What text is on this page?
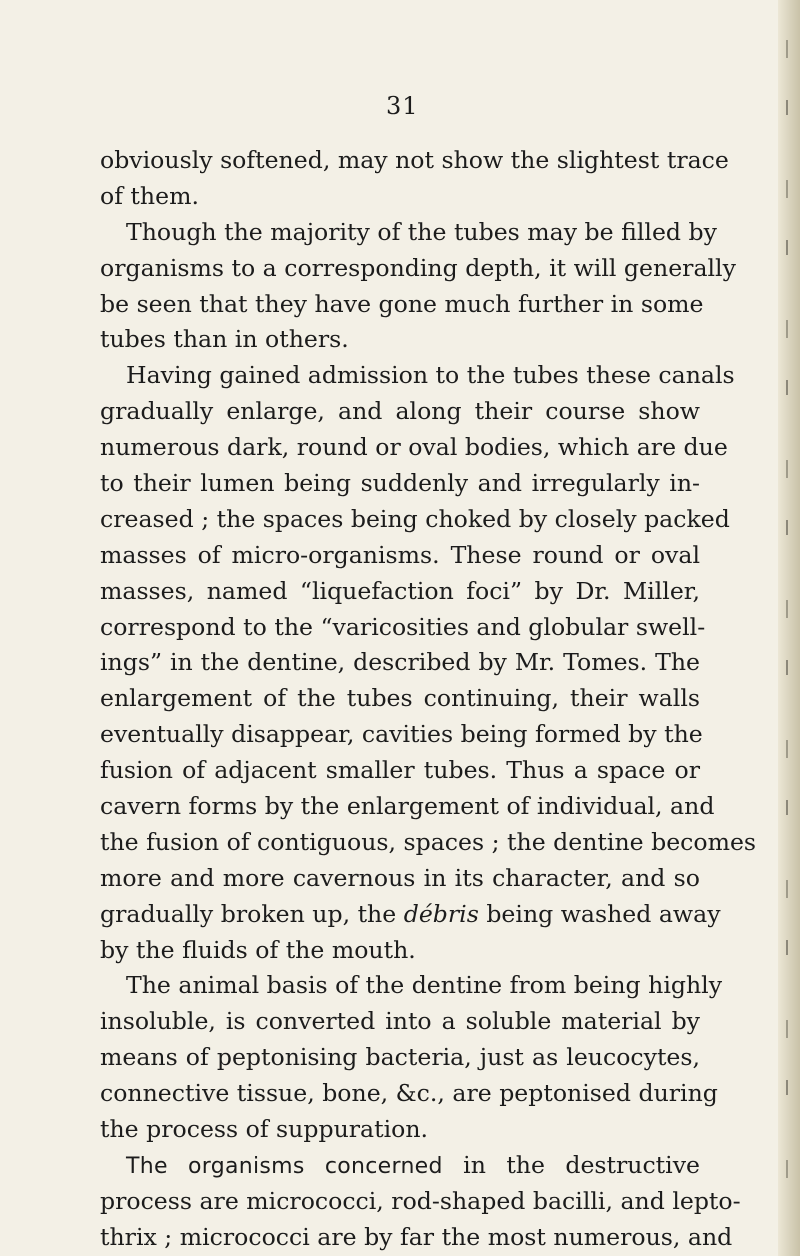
31
obviously softened, may not show the slightest trace
of them.
Though the majority of the tubes may be filled by
organisms to a corresponding depth, it will generally
be seen that they have gone much further in some
tubes than in others.
Having gained admission to the tubes these canals
gradually enlarge, and along their course show
numerous dark, round or oval bodies, which are due
to their lumen being suddenly and irregularly in-
creased ; the spaces being choked by closely packed
masses of micro-organisms. These round or oval
masses, named “liquefaction foci” by Dr. Miller,
correspond to the “varicosities and globular swell-
ings” in the dentine, described by Mr. Tomes. The
enlargement of the tubes continuing, their walls
eventually disappear, cavities being formed by the
fusion of adjacent smaller tubes. Thus a space or
cavern forms by the enlargement of individual, and
the fusion of contiguous, spaces ; the dentine becomes
more and more cavernous in its character, and so
gradually broken up, the débris being washed away
by the fluids of the mouth.
The animal basis of the dentine from being highly
insoluble, is converted into a soluble material by
means of peptonising bacteria, just as leucocytes,
connective tissue, bone, &c., are peptonised during
the process of suppuration.
The organisms concerned in the destructive
process are micrococci, rod-shaped bacilli, and lepto-
thrix ; micrococci are by far the most numerous, and
